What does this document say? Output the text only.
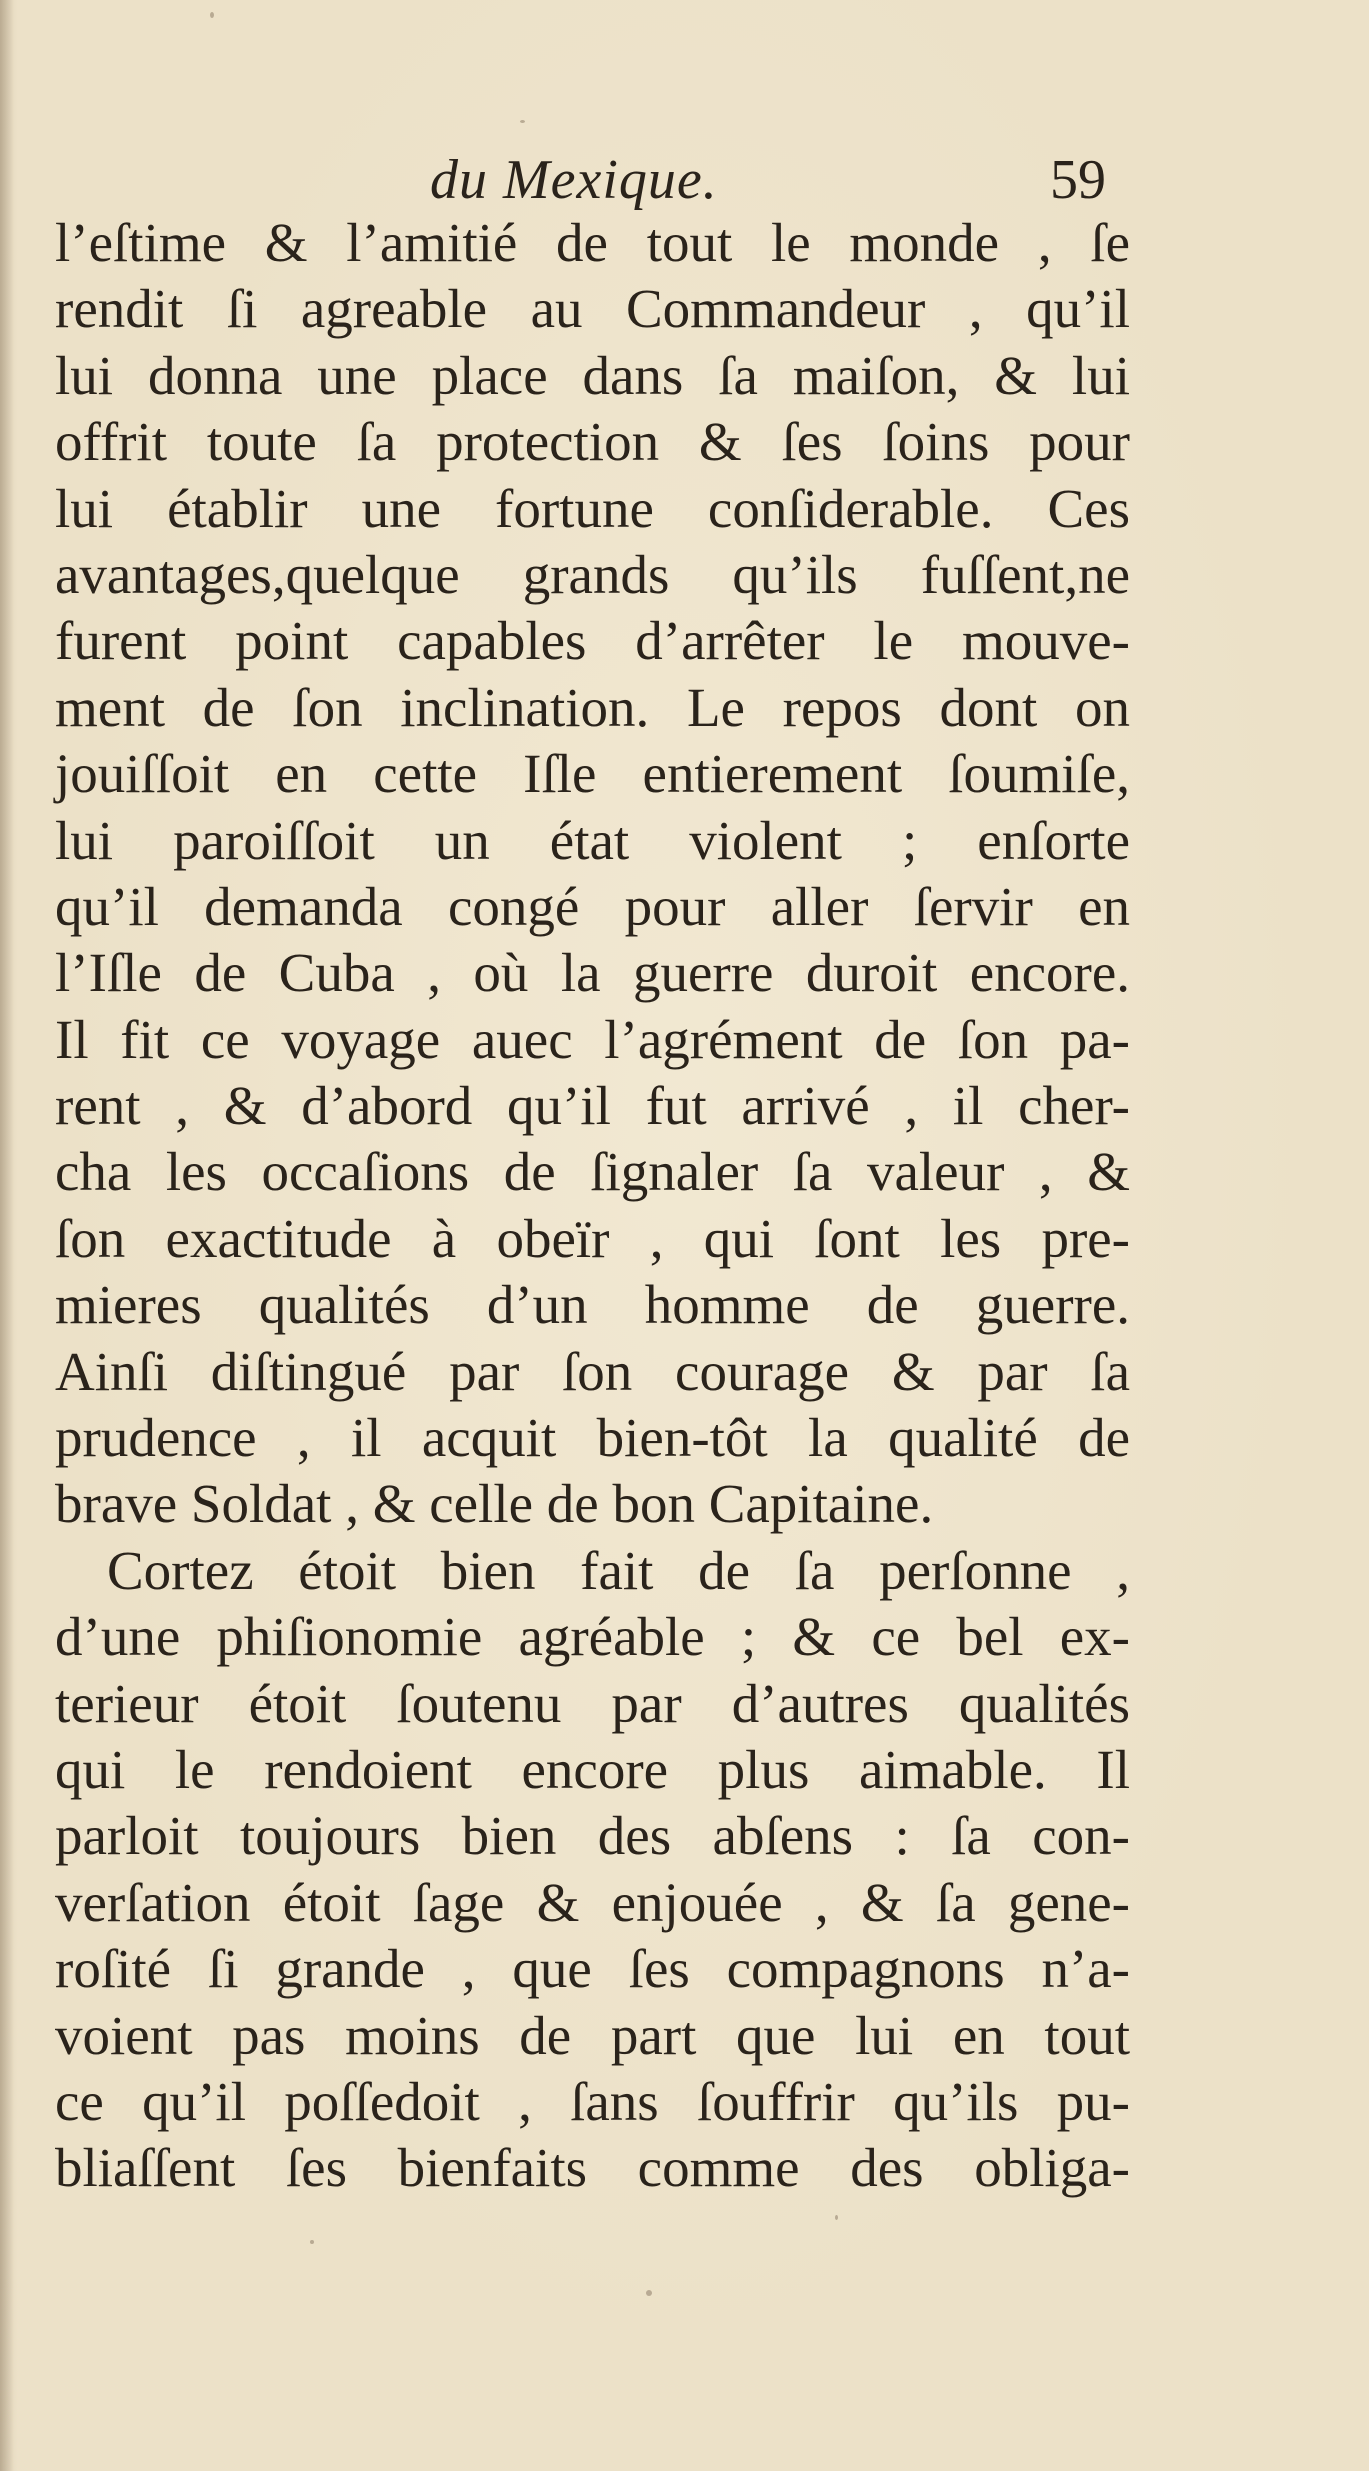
du Mexique.	59
l’eſtime & l’amitié de tout le monde , ſe
rendit ſi agreable au Commandeur , qu’il
lui donna une place dans ſa maiſon, & lui
offrit toute ſa protection & ſes ſoins pour
lui établir une fortune conſiderable. Ces
avantages,quelque grands qu’ils fuſſent,ne
furent point capables d’arrêter le mouve-
ment de ſon inclination. Le repos dont on
jouiſſoit en cette Iſle entierement ſoumiſe,
lui paroiſſoit un état violent ; enſorte
qu’il demanda congé pour aller ſervir en
l’Iſle de Cuba , où la guerre duroit encore.
Il fit ce voyage auec l’agrément de ſon pa-
rent , & d’abord qu’il fut arrivé , il cher-
cha les occaſions de ſignaler ſa valeur , &
ſon exactitude à obeïr , qui ſont les pre-
mieres qualités d’un homme de guerre.
Ainſi diſtingué par ſon courage & par ſa
prudence , il acquit bien-tôt la qualité de
brave Soldat , & celle de bon Capitaine.
Cortez étoit bien fait de ſa perſonne ,
d’une phiſionomie agréable ; & ce bel ex-
terieur étoit ſoutenu par d’autres qualités
qui le rendoient encore plus aimable. Il
parloit toujours bien des abſens : ſa con-
verſation étoit ſage & enjouée , & ſa gene-
roſité ſi grande , que ſes compagnons n’a-
voient pas moins de part que lui en tout
ce qu’il poſſedoit , ſans ſouffrir qu’ils pu-
bliaſſent ſes bienfaits comme des obliga-
